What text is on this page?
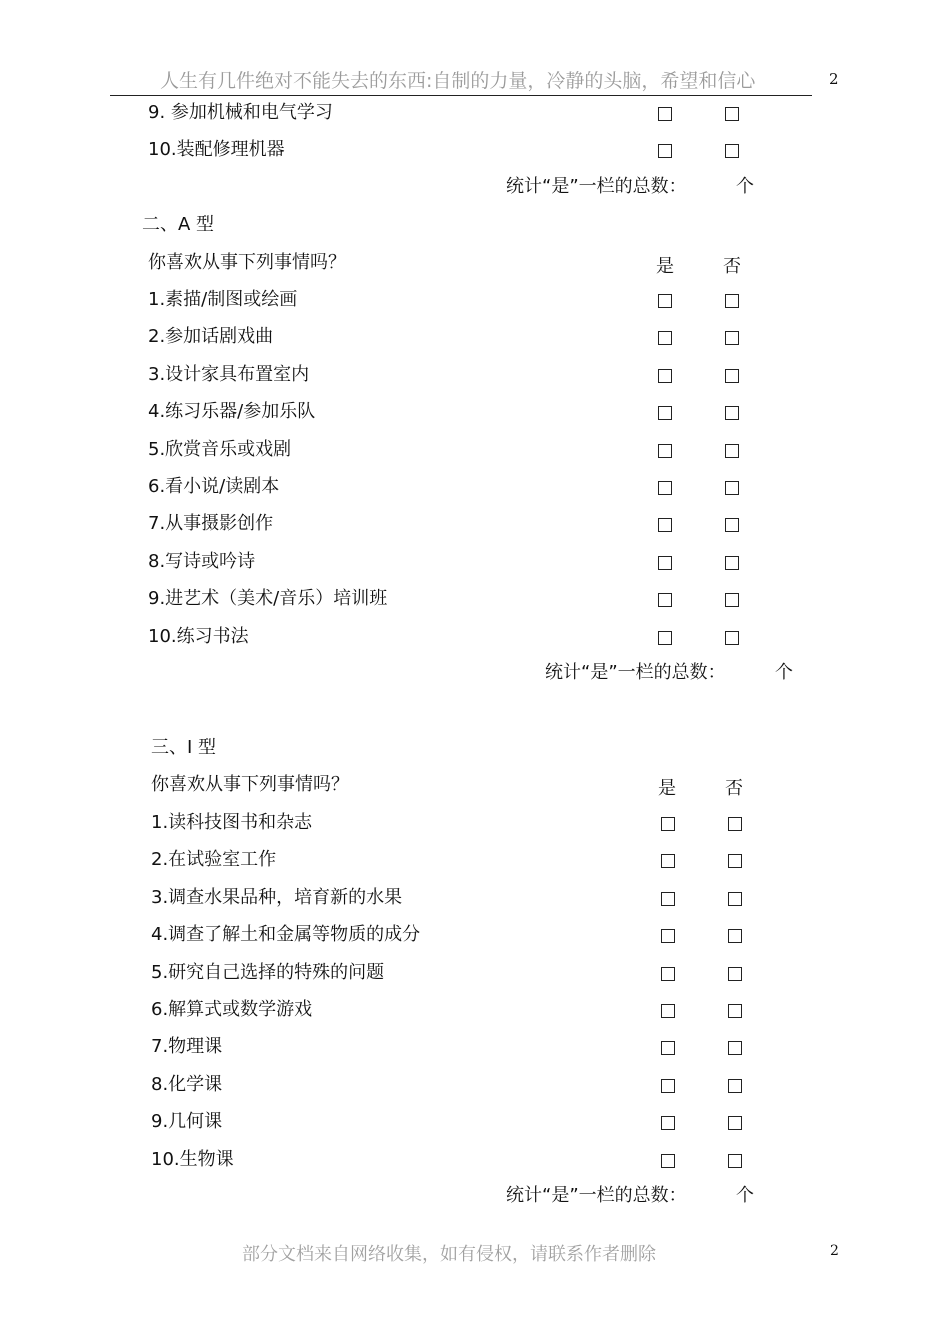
人生有几件绝对不能失去的东西:自制的力量，冷静的头脑，希望和信心	2
9. 参加机械和电气学习
10.装配修理机器
统计“是”一栏的总数：	个
二、A 型
你喜欢从事下列事情吗？	是	否
1.素描/制图或绘画
2.参加话剧戏曲
3.设计家具布置室内
4.练习乐器/参加乐队
5.欣赏音乐或戏剧
6.看小说/读剧本
7.从事摄影创作
8.写诗或吟诗
9.进艺术（美术/音乐）培训班
10.练习书法
统计“是”一栏的总数：	个
三、I 型
你喜欢从事下列事情吗？	是	否
1.读科技图书和杂志
2.在试验室工作
3.调查水果品种，培育新的水果
4.调查了解土和金属等物质的成分
5.研究自己选择的特殊的问题
6.解算式或数学游戏
7.物理课
8.化学课
9.几何课
10.生物课
统计“是”一栏的总数：	个
部分文档来自网络收集，如有侵权，请联系作者删除	2
